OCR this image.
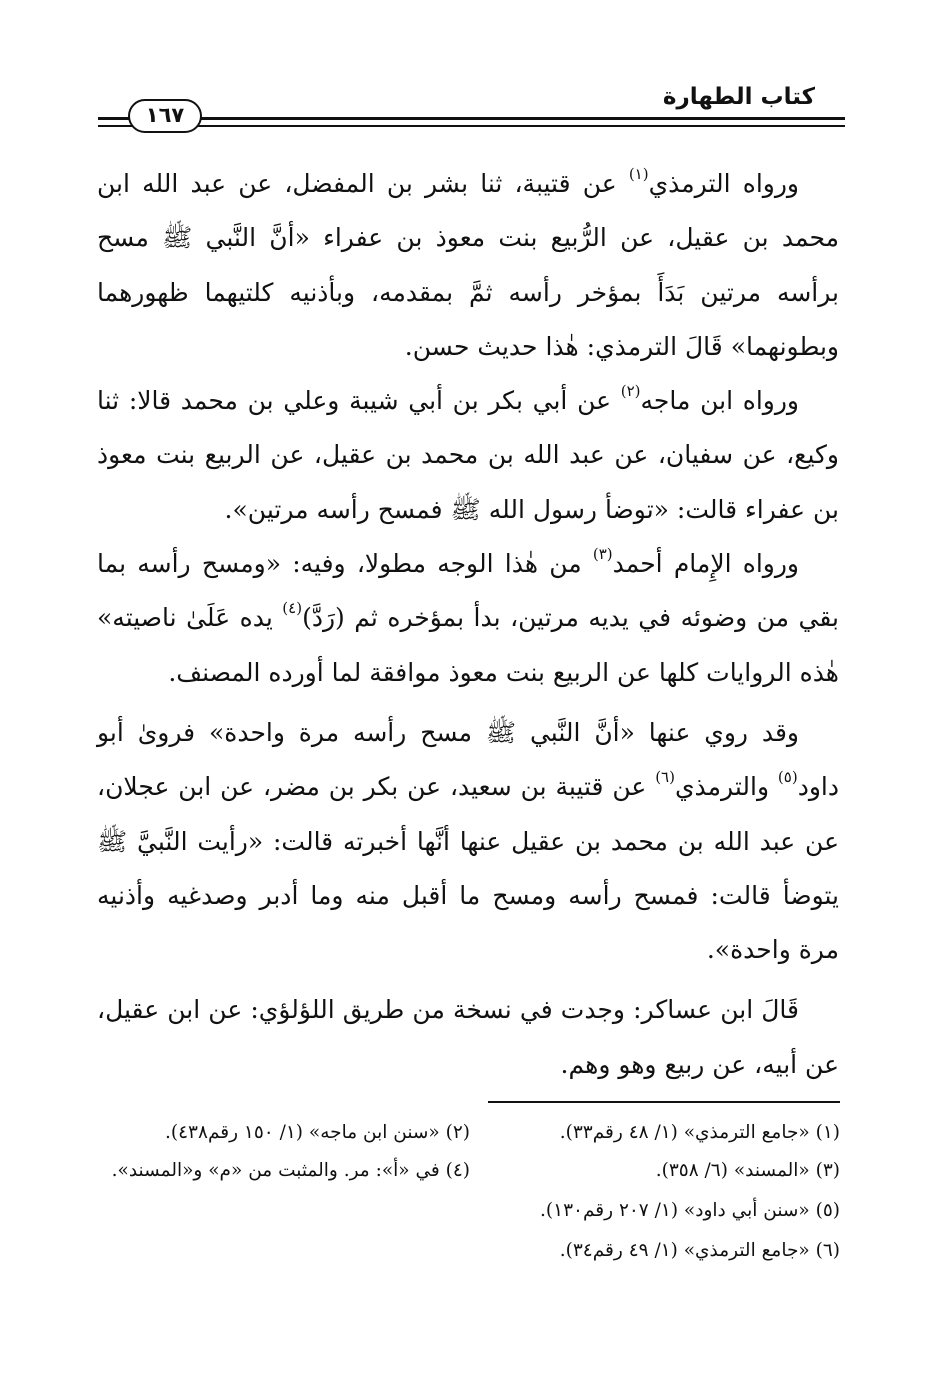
كتاب الطهارة
١٦٧

ورواه الترمذي$^{(١)}$ عن قتيبة، ثنا بشر بن المفضل، عن عبد الله ابن محمد بن عقيل، عن الرُّبيع بنت معوذ بن عفراء «أنَّ النَّبي ﷺ مسح برأسه مرتين بَدَأَ بمؤخر رأسه ثمَّ بمقدمه، وبأذنيه كلتيهما ظهورهما وبطونهما» قَالَ الترمذي: هٰذا حديث حسن.

ورواه ابن ماجه$^{(٢)}$ عن أبي بكر بن أبي شيبة وعلي بن محمد قالا: ثنا وكيع، عن سفيان، عن عبد الله بن محمد بن عقيل، عن الربيع بنت معوذ بن عفراء قالت: «توضأ رسول الله ﷺ فمسح رأسه مرتين».

ورواه الإِمام أحمد$^{(٣)}$ من هٰذا الوجه مطولا، وفيه: «ومسح رأسه بما بقي من وضوئه في يديه مرتين، بدأ بمؤخره ثم (رَدَّ)$^{(٤)}$ يده عَلَىٰ ناصيته» هٰذه الروايات كلها عن الربيع بنت معوذ موافقة لما أورده المصنف.

وقد روي عنها «أنَّ النَّبي ﷺ مسح رأسه مرة واحدة» فروىٰ أبو داود$^{(٥)}$ والترمذي$^{(٦)}$ عن قتيبة بن سعيد، عن بكر بن مضر، عن ابن عجلان، عن عبد الله بن محمد بن عقيل عنها أنَّها أخبرته قالت: «رأيت النَّبيَّ ﷺ يتوضأ قالت: فمسح رأسه ومسح ما أقبل منه وما أدبر وصدغيه وأذنيه مرة واحدة».

قَالَ ابن عساكر: وجدت في نسخة من طريق اللؤلؤي: عن ابن عقيل، عن أبيه، عن ربيع وهو وهم.

(١) «جامع الترمذي» (١/ ٤٨ رقم٣٣).
(٢) «سنن ابن ماجه» (١/ ١٥٠ رقم٤٣٨).
(٣) «المسند» (٦/ ٣٥٨).
(٤) في «أ»: مر. والمثبت من «م» و«المسند».
(٥) «سنن أبي داود» (١/ ٢٠٧ رقم١٣٠).
(٦) «جامع الترمذي» (١/ ٤٩ رقم٣٤).
